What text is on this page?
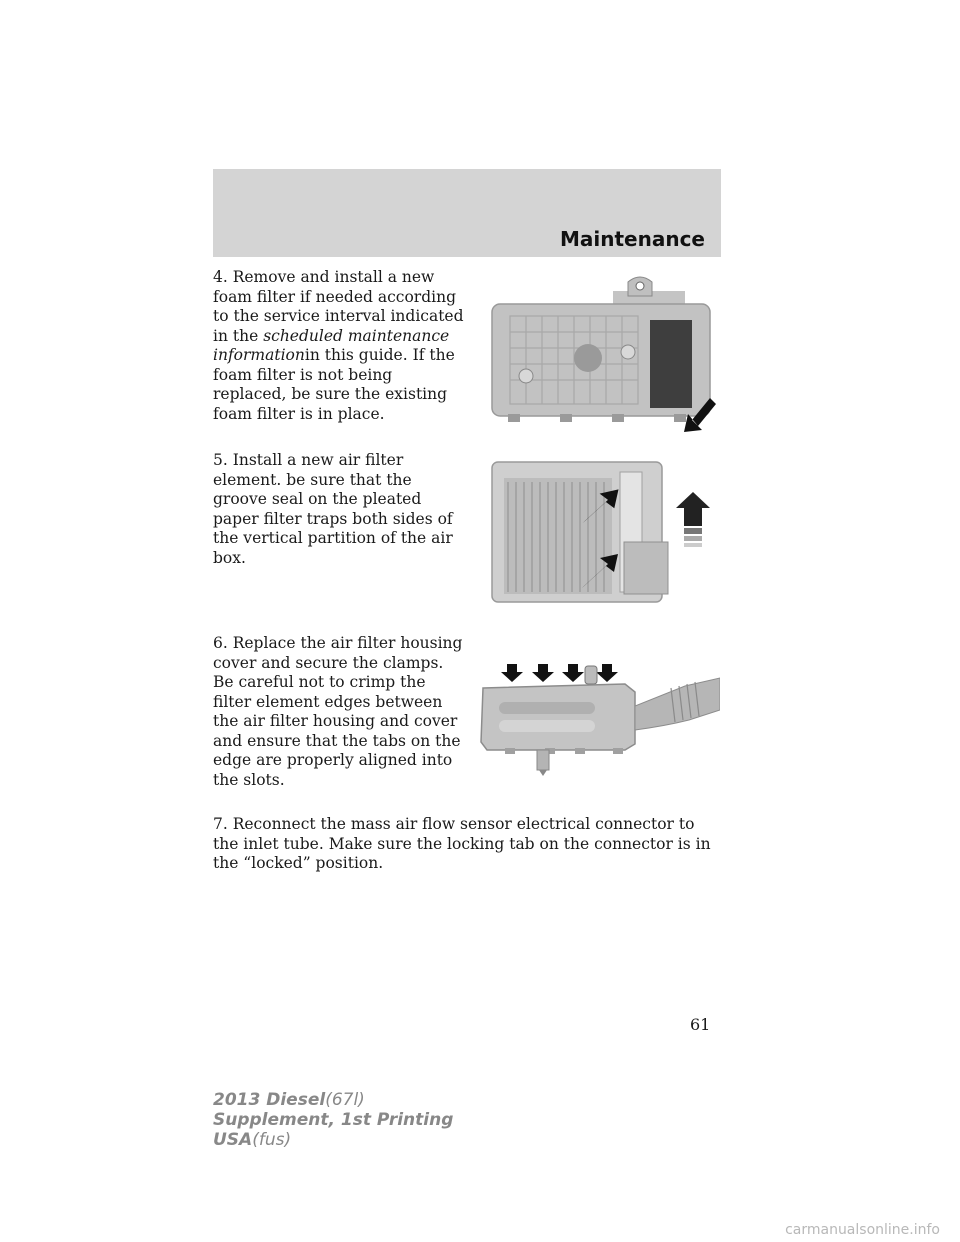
Maintenance

4. Remove and install a new foam filter if needed according to the service interval indicated in the scheduled maintenance informationin this guide. If the foam filter is not being replaced, be sure the existing foam filter is in place.

5. Install a new air filter element. be sure that the groove seal on the pleated paper filter traps both sides of the vertical partition of the air box.

6. Replace the air filter housing cover and secure the clamps. Be careful not to crimp the filter element edges between the air filter housing and cover and ensure that the tabs on the edge are properly aligned into the slots.

7. Reconnect the mass air flow sensor electrical connector to the inlet tube. Make sure the locking tab on the connector is in the “locked” position.

61
2013 Diesel(67l)
Supplement, 1st Printing
USA(fus)
carmanualsonline.info
